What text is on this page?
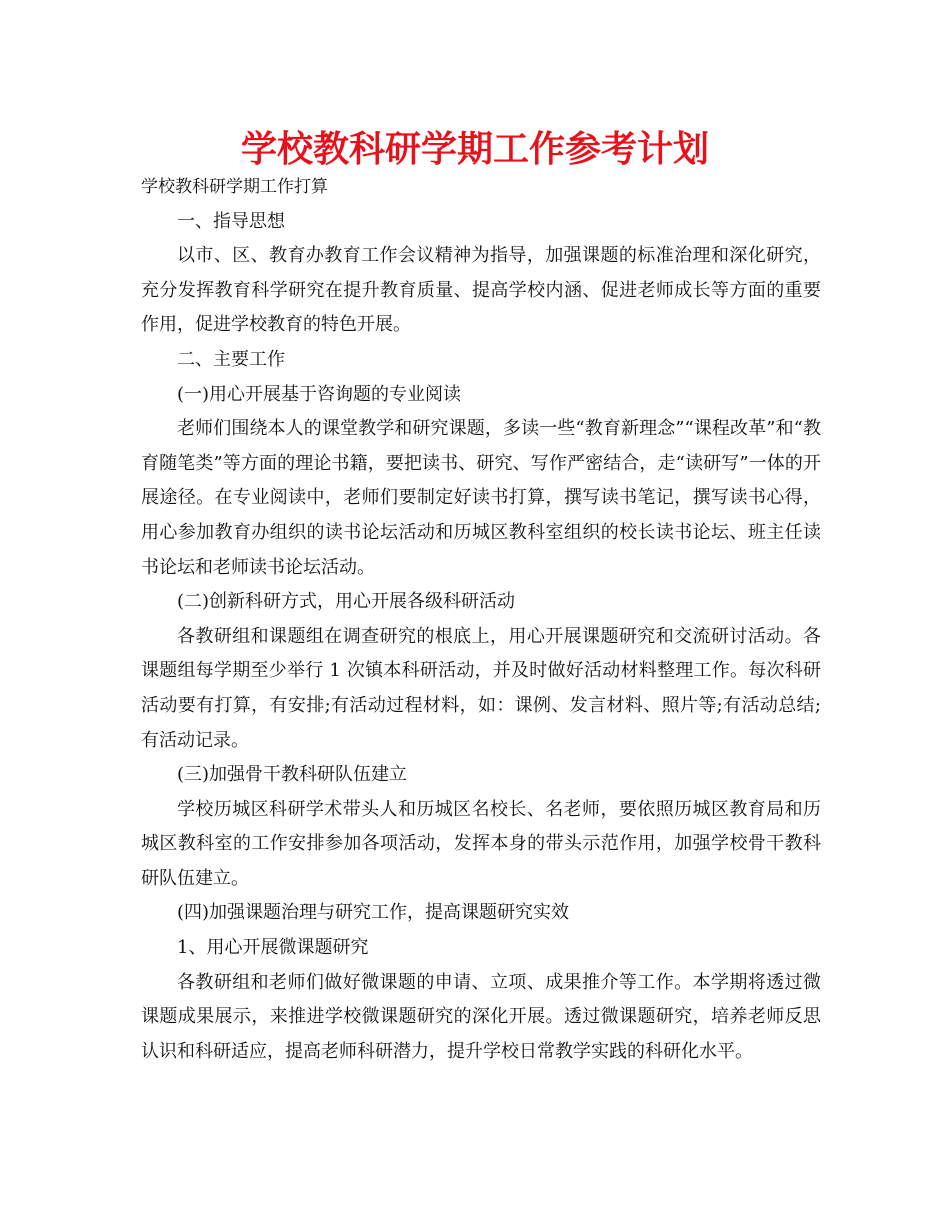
学校教科研学期工作参考计划

学校教科研学期工作打算

一、指导思想

以市、区、教育办教育工作会议精神为指导，加强课题的标准治理和深化研究，充分发挥教育科学研究在提升教育质量、提高学校内涵、促进老师成长等方面的重要作用，促进学校教育的特色开展。

二、主要工作

(一)用心开展基于咨询题的专业阅读

老师们围绕本人的课堂教学和研究课题，多读一些“教育新理念”“课程改革”和“教育随笔类”等方面的理论书籍，要把读书、研究、写作严密结合，走“读研写”一体的开展途径。在专业阅读中，老师们要制定好读书打算，撰写读书笔记，撰写读书心得，用心参加教育办组织的读书论坛活动和历城区教科室组织的校长读书论坛、班主任读书论坛和老师读书论坛活动。

(二)创新科研方式，用心开展各级科研活动

各教研组和课题组在调查研究的根底上，用心开展课题研究和交流研讨活动。各课题组每学期至少举行 1 次镇本科研活动，并及时做好活动材料整理工作。每次科研活动要有打算，有安排;有活动过程材料，如：课例、发言材料、照片等;有活动总结;有活动记录。

(三)加强骨干教科研队伍建立

学校历城区科研学术带头人和历城区名校长、名老师，要依照历城区教育局和历城区教科室的工作安排参加各项活动，发挥本身的带头示范作用，加强学校骨干教科研队伍建立。

(四)加强课题治理与研究工作，提高课题研究实效

1、用心开展微课题研究

各教研组和老师们做好微课题的申请、立项、成果推介等工作。本学期将透过微课题成果展示，来推进学校微课题研究的深化开展。透过微课题研究，培养老师反思认识和科研适应，提高老师科研潜力，提升学校日常教学实践的科研化水平。
